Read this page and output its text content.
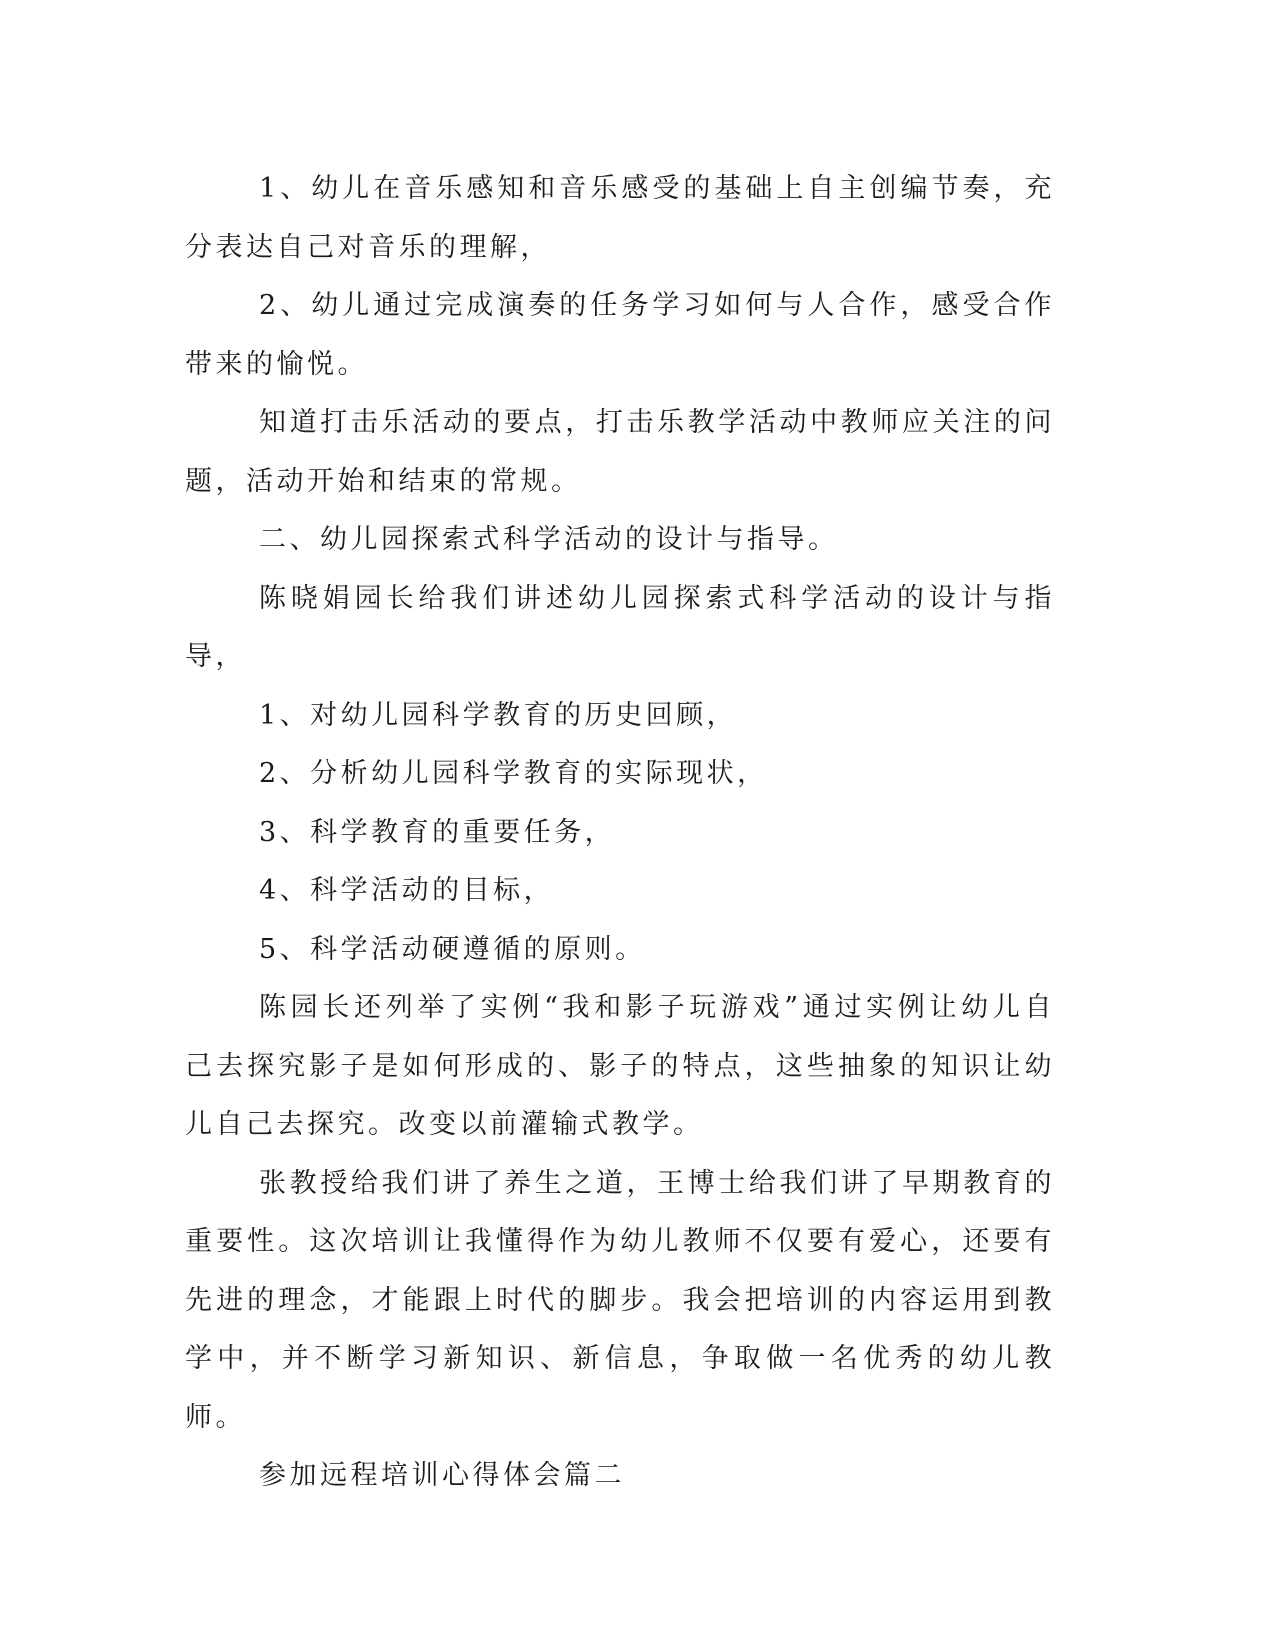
1、幼儿在音乐感知和音乐感受的基础上自主创编节奏，充分表达自己对音乐的理解，

2、幼儿通过完成演奏的任务学习如何与人合作，感受合作带来的愉悦。

知道打击乐活动的要点，打击乐教学活动中教师应关注的问题，活动开始和结束的常规。

二、幼儿园探索式科学活动的设计与指导。

陈晓娟园长给我们讲述幼儿园探索式科学活动的设计与指导，

1、对幼儿园科学教育的历史回顾，

2、分析幼儿园科学教育的实际现状，

3、科学教育的重要任务，

4、科学活动的目标，

5、科学活动硬遵循的原则。

陈园长还列举了实例“我和影子玩游戏”通过实例让幼儿自己去探究影子是如何形成的、影子的特点，这些抽象的知识让幼儿自己去探究。改变以前灌输式教学。

张教授给我们讲了养生之道，王博士给我们讲了早期教育的重要性。这次培训让我懂得作为幼儿教师不仅要有爱心，还要有先进的理念，才能跟上时代的脚步。我会把培训的内容运用到教学中，并不断学习新知识、新信息，争取做一名优秀的幼儿教师。

参加远程培训心得体会篇二
